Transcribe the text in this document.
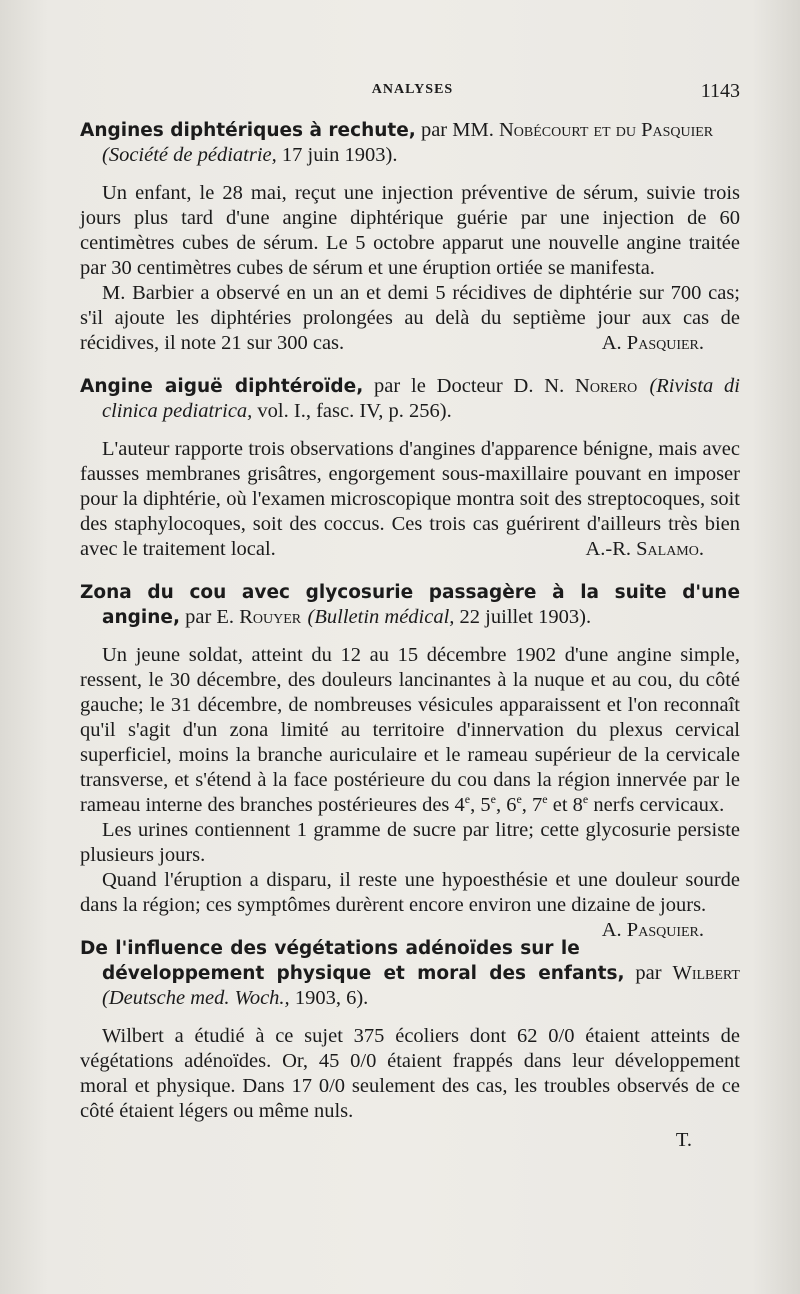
ANALYSES	1143
Angines diphtériques à rechute, par MM. Nobécourt et du Pasquier
(Société de pédiatrie, 17 juin 1903).

Un enfant, le 28 mai, reçut une injection préventive de sérum, suivie trois jours plus tard d'une angine diphtérique guérie par une injection de 60 centimètres cubes de sérum. Le 5 octobre apparut une nouvelle angine traitée par 30 centimètres cubes de sérum et une éruption ortiée se manifesta.

M. Barbier a observé en un an et demi 5 récidives de diphtérie sur 700 cas; s'il ajoute les diphtéries prolongées au delà du septième jour aux cas de récidives, il note 21 sur 300 cas.	A. Pasquier.

Angine aiguë diphtéroïde, par le Docteur D. N. Norero (Rivista di clinica pediatrica, vol. I., fasc. IV, p. 256).

L'auteur rapporte trois observations d'angines d'apparence bénigne, mais avec fausses membranes grisâtres, engorgement sous-maxillaire pouvant en imposer pour la diphtérie, où l'examen microscopique montra soit des streptocoques, soit des staphylocoques, soit des coccus. Ces trois cas guérirent d'ailleurs très bien avec le traitement local.	A.-R. Salamo.

Zona du cou avec glycosurie passagère à la suite d'une angine, par E. Rouyer (Bulletin médical, 22 juillet 1903).

Un jeune soldat, atteint du 12 au 15 décembre 1902 d'une angine simple, ressent, le 30 décembre, des douleurs lancinantes à la nuque et au cou, du côté gauche; le 31 décembre, de nombreuses vésicules apparaissent et l'on reconnaît qu'il s'agit d'un zona limité au territoire d'innervation du plexus cervical superficiel, moins la branche auriculaire et le rameau supérieur de la cervicale transverse, et s'étend à la face postérieure du cou dans la région innervée par le rameau interne des branches postérieures des 4e, 5e, 6e, 7e et 8e nerfs cervicaux.

Les urines contiennent 1 gramme de sucre par litre; cette glycosurie persiste plusieurs jours.

Quand l'éruption a disparu, il reste une hypoesthésie et une douleur sourde dans la région; ces symptômes durèrent encore environ une dizaine de jours.
A. Pasquier.

De l'influence des végétations adénoïdes sur le développement physique et moral des enfants, par Wilbert (Deutsche med. Woch., 1903, 6).

Wilbert a étudié à ce sujet 375 écoliers dont 62 0/0 étaient atteints de végétations adénoïdes. Or, 45 0/0 étaient frappés dans leur développement moral et physique. Dans 17 0/0 seulement des cas, les troubles observés de ce côté étaient légers ou même nuls.

T.
